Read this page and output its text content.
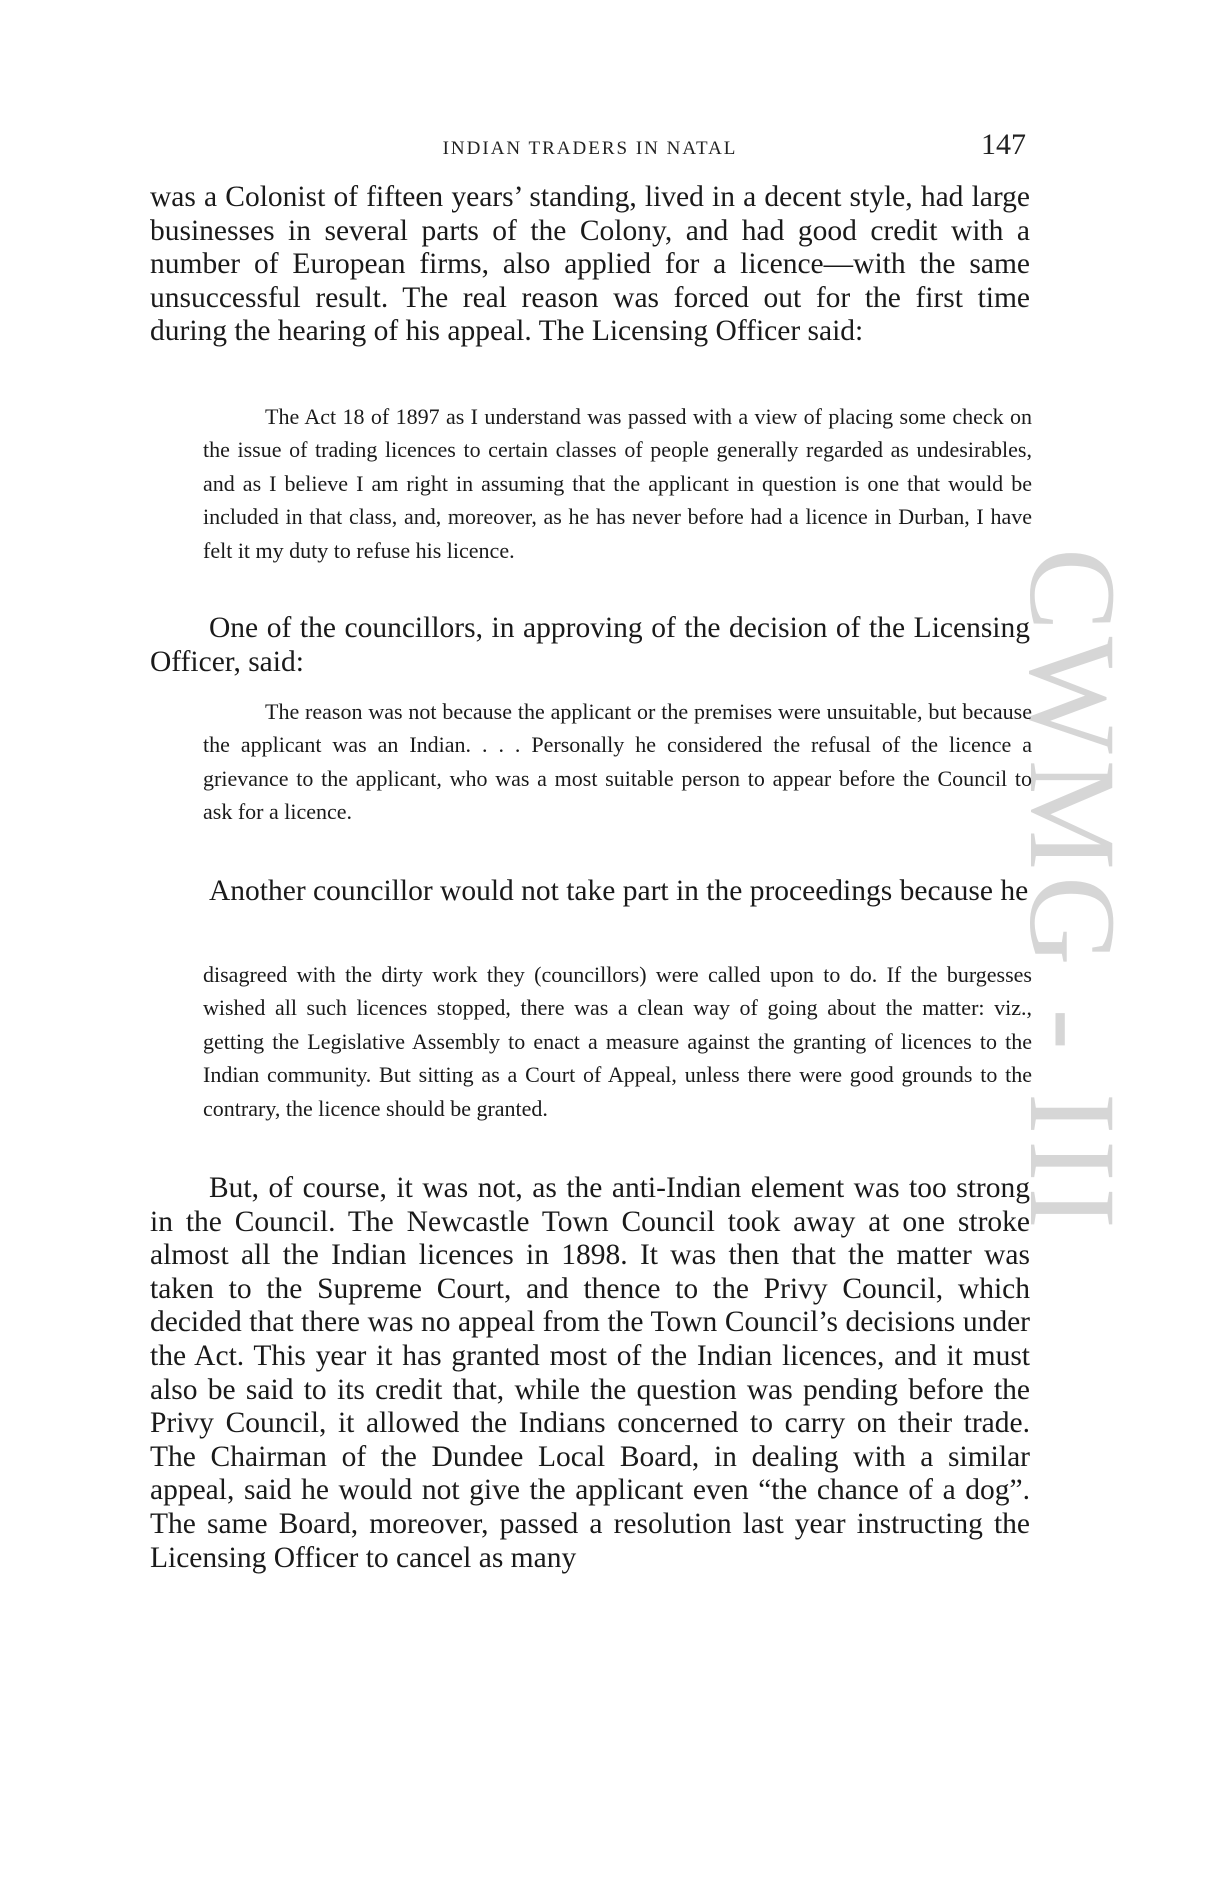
CWMG - III
INDIAN TRADERS IN NATAL	147

was a Colonist of fifteen years’ standing, lived in a decent style, had large businesses in several parts of the Colony, and had good credit with a number of European firms, also applied for a licence—with the same unsuccessful result. The real reason was forced out for the first time during the hearing of his appeal. The Licensing Officer said:

The Act 18 of 1897 as I understand was passed with a view of placing some check on the issue of trading licences to certain classes of people generally regarded as undesirables, and as I believe I am right in assuming that the applicant in question is one that would be included in that class, and, moreover, as he has never before had a licence in Durban, I have felt it my duty to refuse his licence.

One of the councillors, in approving of the decision of the Licensing Officer, said:

The reason was not because the applicant or the premises were unsuitable, but because the applicant was an Indian. . . . Personally he considered the refusal of the licence a grievance to the applicant, who was a most suitable person to appear before the Council to ask for a licence.

Another councillor would not take part in the proceedings because he

disagreed with the dirty work they (councillors) were called upon to do. If the burgesses wished all such licences stopped, there was a clean way of going about the matter: viz., getting the Legislative Assembly to enact a measure against the granting of licences to the Indian community. But sitting as a Court of Appeal, unless there were good grounds to the contrary, the licence should be granted.

But, of course, it was not, as the anti-Indian element was too strong in the Council. The Newcastle Town Council took away at one stroke almost all the Indian licences in 1898. It was then that the matter was taken to the Supreme Court, and thence to the Privy Council, which decided that there was no appeal from the Town Council’s decisions under the Act. This year it has granted most of the Indian licences, and it must also be said to its credit that, while the question was pending before the Privy Council, it allowed the Indians concerned to carry on their trade. The Chairman of the Dundee Local Board, in dealing with a similar appeal, said he would not give the applicant even “the chance of a dog”. The same Board, moreover, passed a resolution last year instructing the Licensing Officer to cancel as many
